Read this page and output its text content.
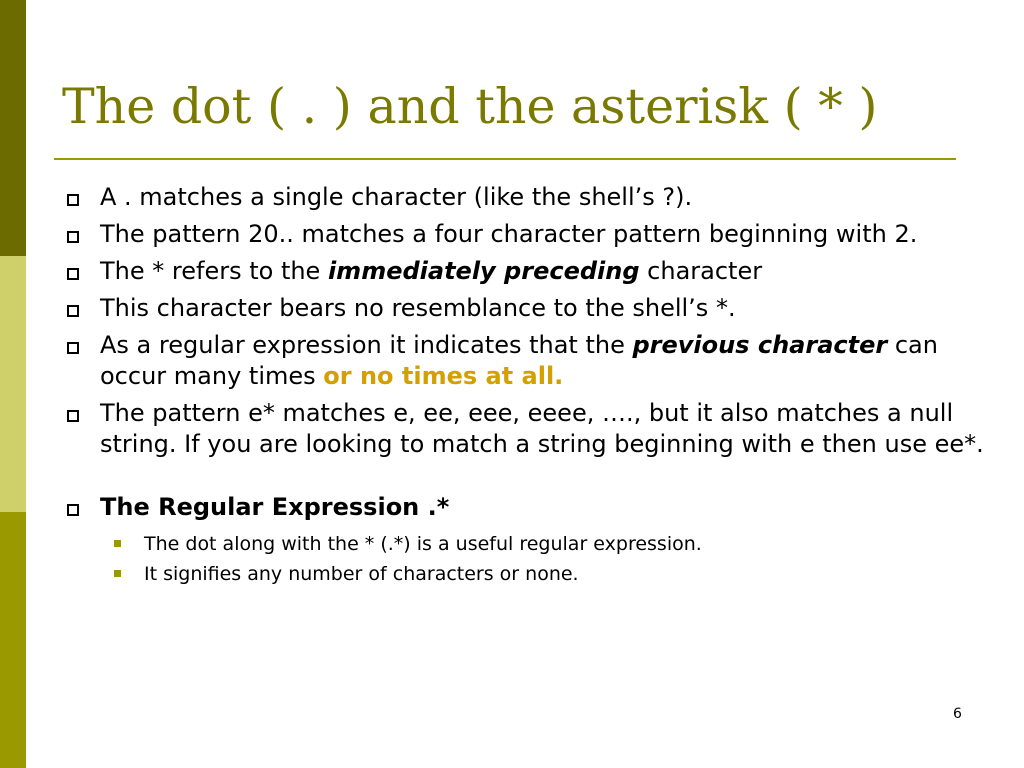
The dot ( . ) and the asterisk ( * )
A . matches a single character (like the shell’s ?).
The pattern 20.. matches a four character pattern beginning with 2.
The * refers to the immediately preceding character
This character bears no resemblance to the shell’s *.
As a regular expression it indicates that the previous character can occur many times or no times at all.
The pattern e* matches e, ee, eee, eeee, …., but it also matches a null string. If you are looking to match a string beginning with e then use ee*.
The Regular Expression .*
The dot along with the * (.*) is a useful regular expression.
It signifies any number of characters or none.
6
